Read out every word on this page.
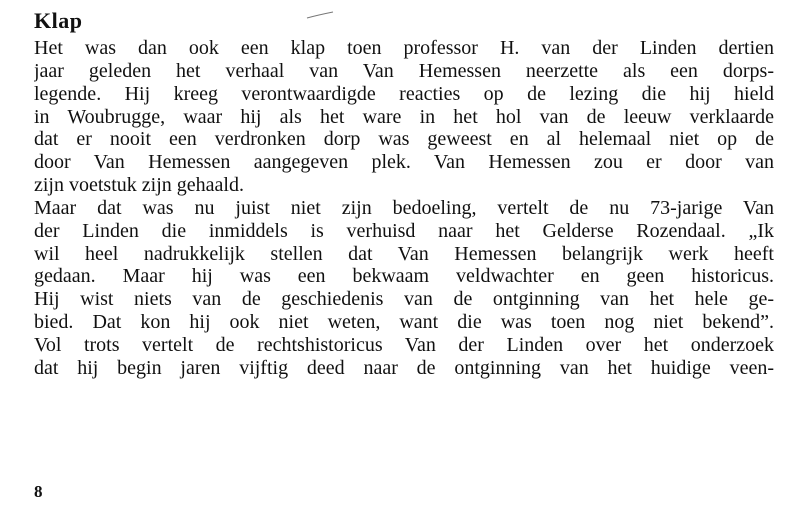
Klap
Het was dan ook een klap toen professor H. van der Linden dertien
jaar geleden het verhaal van Van Hemessen neerzette als een dorps-
legende. Hij kreeg verontwaardigde reacties op de lezing die hij hield
in Woubrugge, waar hij als het ware in het hol van de leeuw verklaarde
dat er nooit een verdronken dorp was geweest en al helemaal niet op de
door Van Hemessen aangegeven plek. Van Hemessen zou er door van
zijn voetstuk zijn gehaald.
Maar dat was nu juist niet zijn bedoeling, vertelt de nu 73-jarige Van
der Linden die inmiddels is verhuisd naar het Gelderse Rozendaal. „Ik
wil heel nadrukkelijk stellen dat Van Hemessen belangrijk werk heeft
gedaan. Maar hij was een bekwaam veldwachter en geen historicus.
Hij wist niets van de geschiedenis van de ontginning van het hele ge-
bied. Dat kon hij ook niet weten, want die was toen nog niet bekend”.
Vol trots vertelt de rechtshistoricus Van der Linden over het onderzoek
dat hij begin jaren vijftig deed naar de ontginning van het huidige veen-
8
